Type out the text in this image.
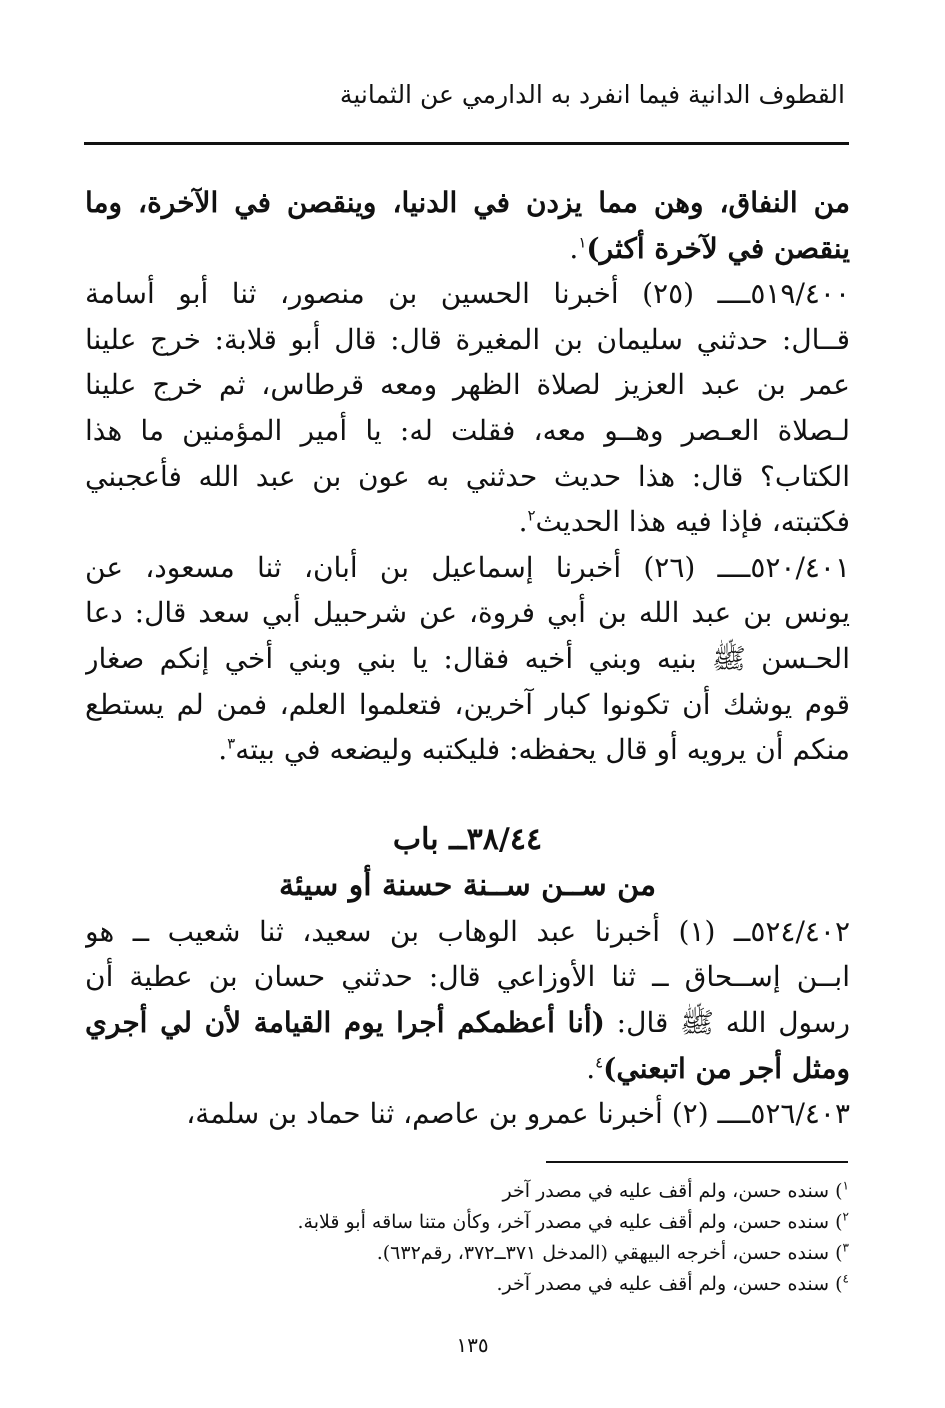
القطوف الدانية فيما انفرد به الدارمي عن الثمانية

من النفاق، وهن مما يزدن في الدنيا، وينقصن في الآخرة، وما
ينقصن في لآخرة أكثر)$^١$.

٥١٩/٤٠٠ــــ (٢٥) أخبرنا الحسين بن منصور، ثنا أبو أسامة
قــال: حدثني سليمان بن المغيرة قال: قال أبو قلابة: خرج علينا
عمر بن عبد العزيز لصلاة الظهر ومعه قرطاس، ثم خرج علينا
لـصلاة العـصر وهــو معه، فقلت له: يا أمير المؤمنين ما هذا
الكتاب؟ قال: هذا حديث حدثني به عون بن عبد الله فأعجبني
فكتبته، فإذا فيه هذا الحديث$^٢$.

٥٢٠/٤٠١ــــ (٢٦) أخبرنا إسماعيل بن أبان، ثنا مسعود، عن
يونس بن عبد الله بن أبي فروة، عن شرحبيل أبي سعد قال: دعا
الحـسن ﷺ بنيه وبني أخيه فقال: يا بني وبني أخي إنكم صغار
قوم يوشك أن تكونوا كبار آخرين، فتعلموا العلم، فمن لم يستطع
منكم أن يرويه أو قال يحفظه: فليكتبه وليضعه في بيته$^٣$.

٣٨/٤٤ــ باب
من ســن ســنة حسنة أو سيئة

٥٢٤/٤٠٢ــ (١) أخبرنا عبد الوهاب بن سعيد، ثنا شعيب ــ هو
ابــن إســحاق ــ ثنا الأوزاعي قال: حدثني حسان بن عطية أن
رسول الله ﷺ قال: (أنا أعظمكم أجرا يوم القيامة لأن لي أجري
ومثل أجر من اتبعني)$^٤$.

٥٢٦/٤٠٣ــــ (٢) أخبرنا عمرو بن عاصم، ثنا حماد بن سلمة،

$^١$) سنده حسن، ولم أقف عليه في مصدر آخر
$^٢$) سنده حسن، ولم أقف عليه في مصدر آخر، وكأن متنا ساقه أبو قلابة.
$^٣$) سنده حسن، أخرجه البيهقي (المدخل ٣٧١ــ٣٧٢، رقم٦٣٢).
$^٤$) سنده حسن، ولم أقف عليه في مصدر آخر.
١٣٥
